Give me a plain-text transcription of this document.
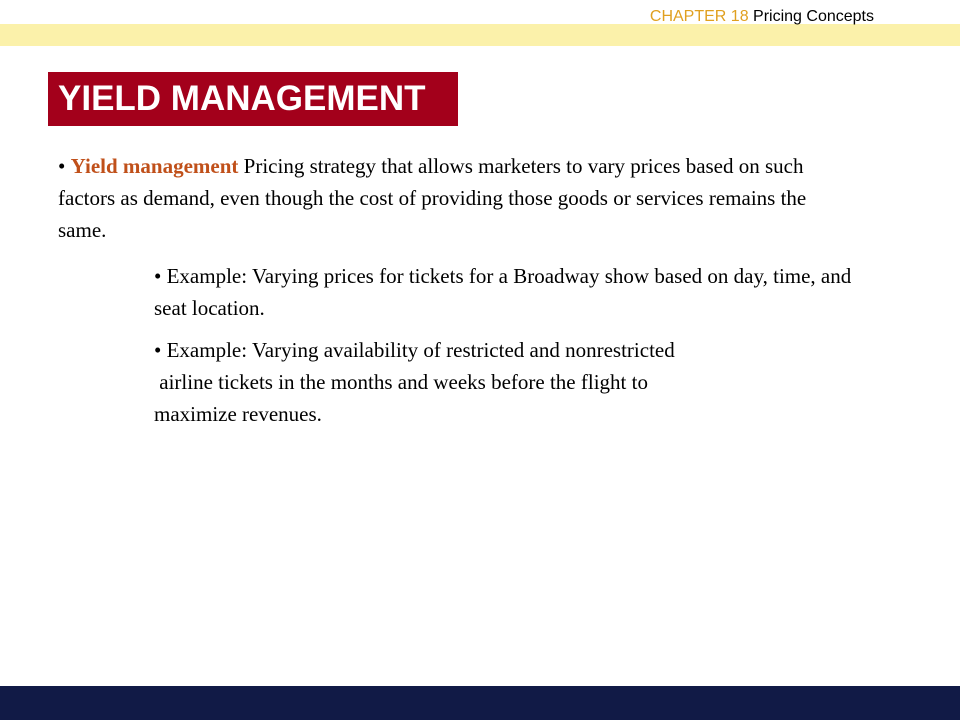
CHAPTER 18 Pricing Concepts
YIELD MANAGEMENT

• Yield management Pricing strategy that allows marketers to vary prices based on such factors as demand, even though the cost of providing those goods or services remains the same.

• Example: Varying prices for tickets for a Broadway show based on day, time, and seat location.

• Example: Varying availability of restricted and nonrestricted
airline tickets in the months and weeks before the flight to
maximize revenues.
